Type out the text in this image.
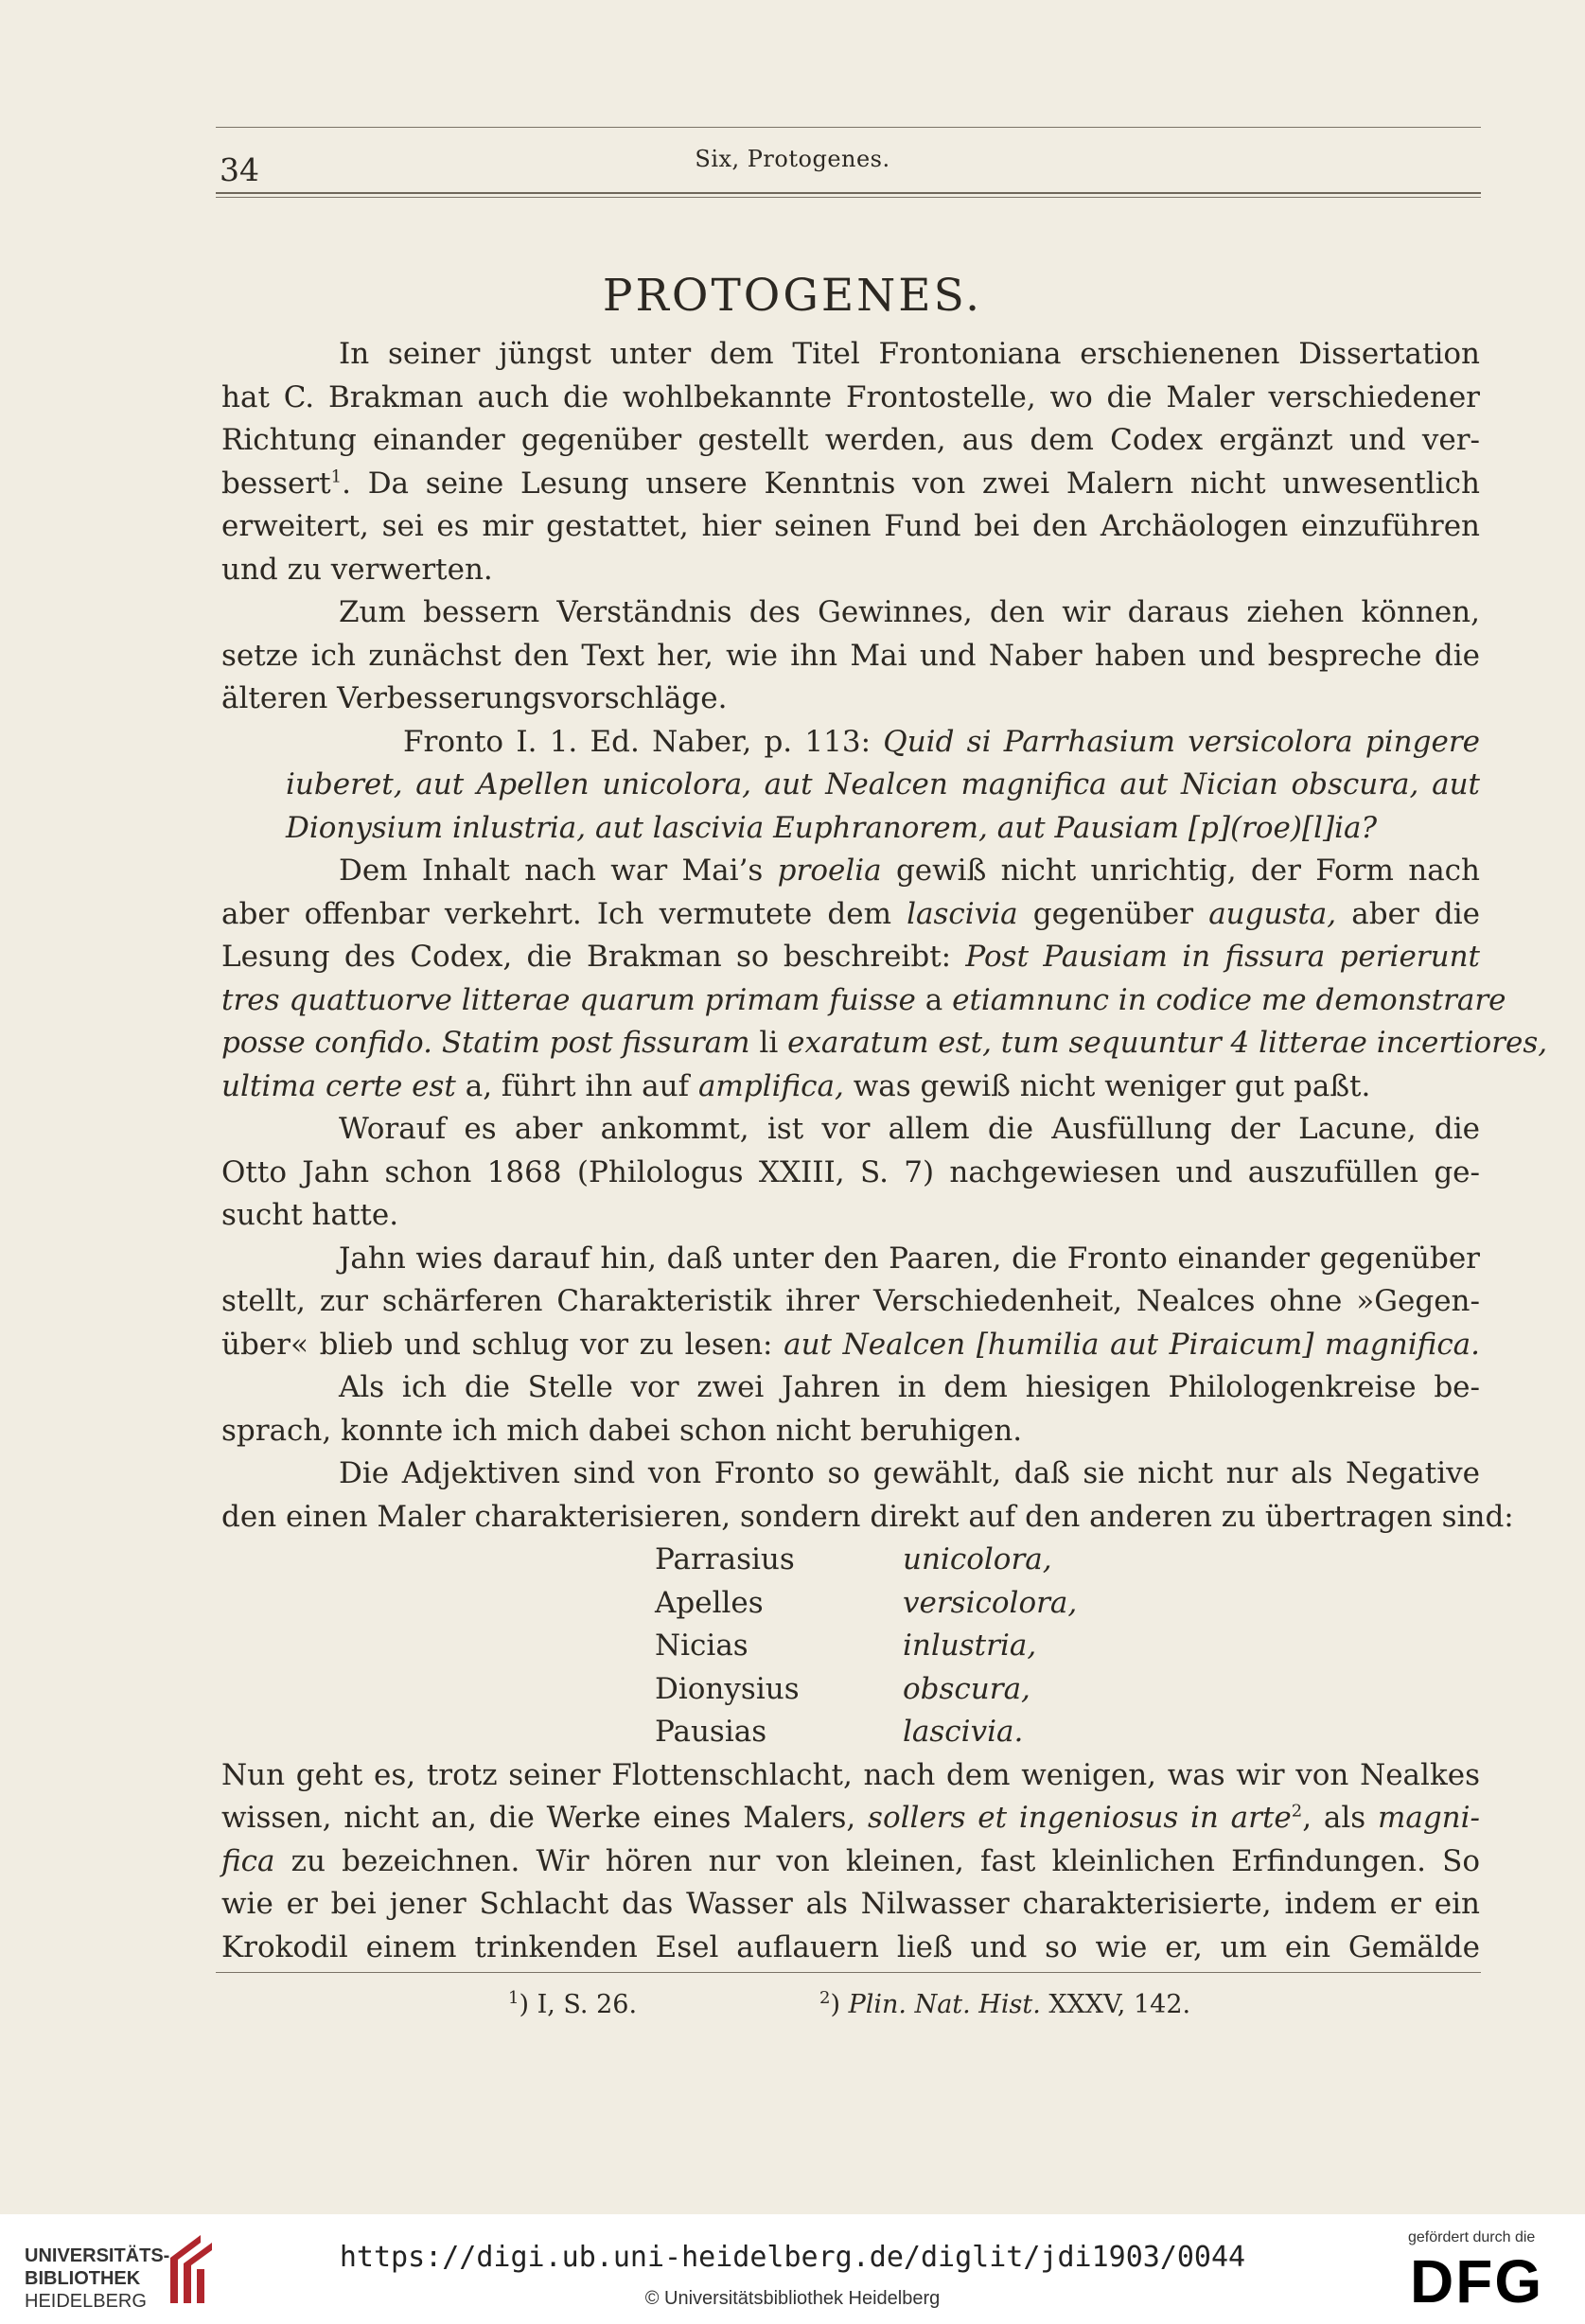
34	Six, Protogenes.
PROTOGENES.
In seiner jüngst unter dem Titel Frontoniana erschienenen Dissertation
hat C. Brakman auch die wohlbekannte Frontostelle, wo die Maler verschiedener
Richtung einander gegenüber gestellt werden, aus dem Codex ergänzt und ver-
bessert$^1$. Da seine Lesung unsere Kenntnis von zwei Malern nicht unwesentlich
erweitert, sei es mir gestattet, hier seinen Fund bei den Archäologen einzuführen
und zu verwerten.
Zum bessern Verständnis des Gewinnes, den wir daraus ziehen können,
setze ich zunächst den Text her, wie ihn Mai und Naber haben und bespreche die
älteren Verbesserungsvorschläge.
Fronto I. 1. Ed. Naber, p. 113: Quid si Parrhasium versicolora pingere
iuberet, aut Apellen unicolora, aut Nealcen magnifica aut Nician obscura, aut
Dionysium inlustria, aut lascivia Euphranorem, aut Pausiam [p](roe)[l]ia?
Dem Inhalt nach war Mai’s proelia gewiß nicht unrichtig, der Form nach
aber offenbar verkehrt. Ich vermutete dem lascivia gegenüber augusta, aber die
Lesung des Codex, die Brakman so beschreibt: Post Pausiam in fissura perierunt
tres quattuorve litterae quarum primam fuisse a etiamnunc in codice me demonstrare
posse confido. Statim post fissuram li exaratum est, tum sequuntur 4 litterae incertiores,
ultima certe est a, führt ihn auf amplifica, was gewiß nicht weniger gut paßt.
Worauf es aber ankommt, ist vor allem die Ausfüllung der Lacune, die
Otto Jahn schon 1868 (Philologus XXIII, S. 7) nachgewiesen und auszufüllen ge-
sucht hatte.
Jahn wies darauf hin, daß unter den Paaren, die Fronto einander gegenüber
stellt, zur schärferen Charakteristik ihrer Verschiedenheit, Nealces ohne »Gegen-
über« blieb und schlug vor zu lesen: aut Nealcen [humilia aut Piraicum] magnifica.
Als ich die Stelle vor zwei Jahren in dem hiesigen Philologenkreise be-
sprach, konnte ich mich dabei schon nicht beruhigen.
Die Adjektiven sind von Fronto so gewählt, daß sie nicht nur als Negative
den einen Maler charakterisieren, sondern direkt auf den anderen zu übertragen sind:
Parrasius	unicolora,
Apelles	versicolora,
Nicias	inlustria,
Dionysius	obscura,
Pausias	lascivia.
Nun geht es, trotz seiner Flottenschlacht, nach dem wenigen, was wir von Nealkes
wissen, nicht an, die Werke eines Malers, sollers et ingeniosus in arte$^2$, als magni-
fica zu bezeichnen. Wir hören nur von kleinen, fast kleinlichen Erfindungen. So
wie er bei jener Schlacht das Wasser als Nilwasser charakterisierte, indem er ein
Krokodil einem trinkenden Esel auflauern ließ und so wie er, um ein Gemälde
$^1$) I, S. 26.	$^2$) Plin. Nat. Hist. XXXV, 142.
UNIVERSITÄTS-
BIBLIOTHEK
HEIDELBERG
https://digi.ub.uni-heidelberg.de/diglit/jdi1903/0044
© Universitätsbibliothek Heidelberg
gefördert durch die
DFG
